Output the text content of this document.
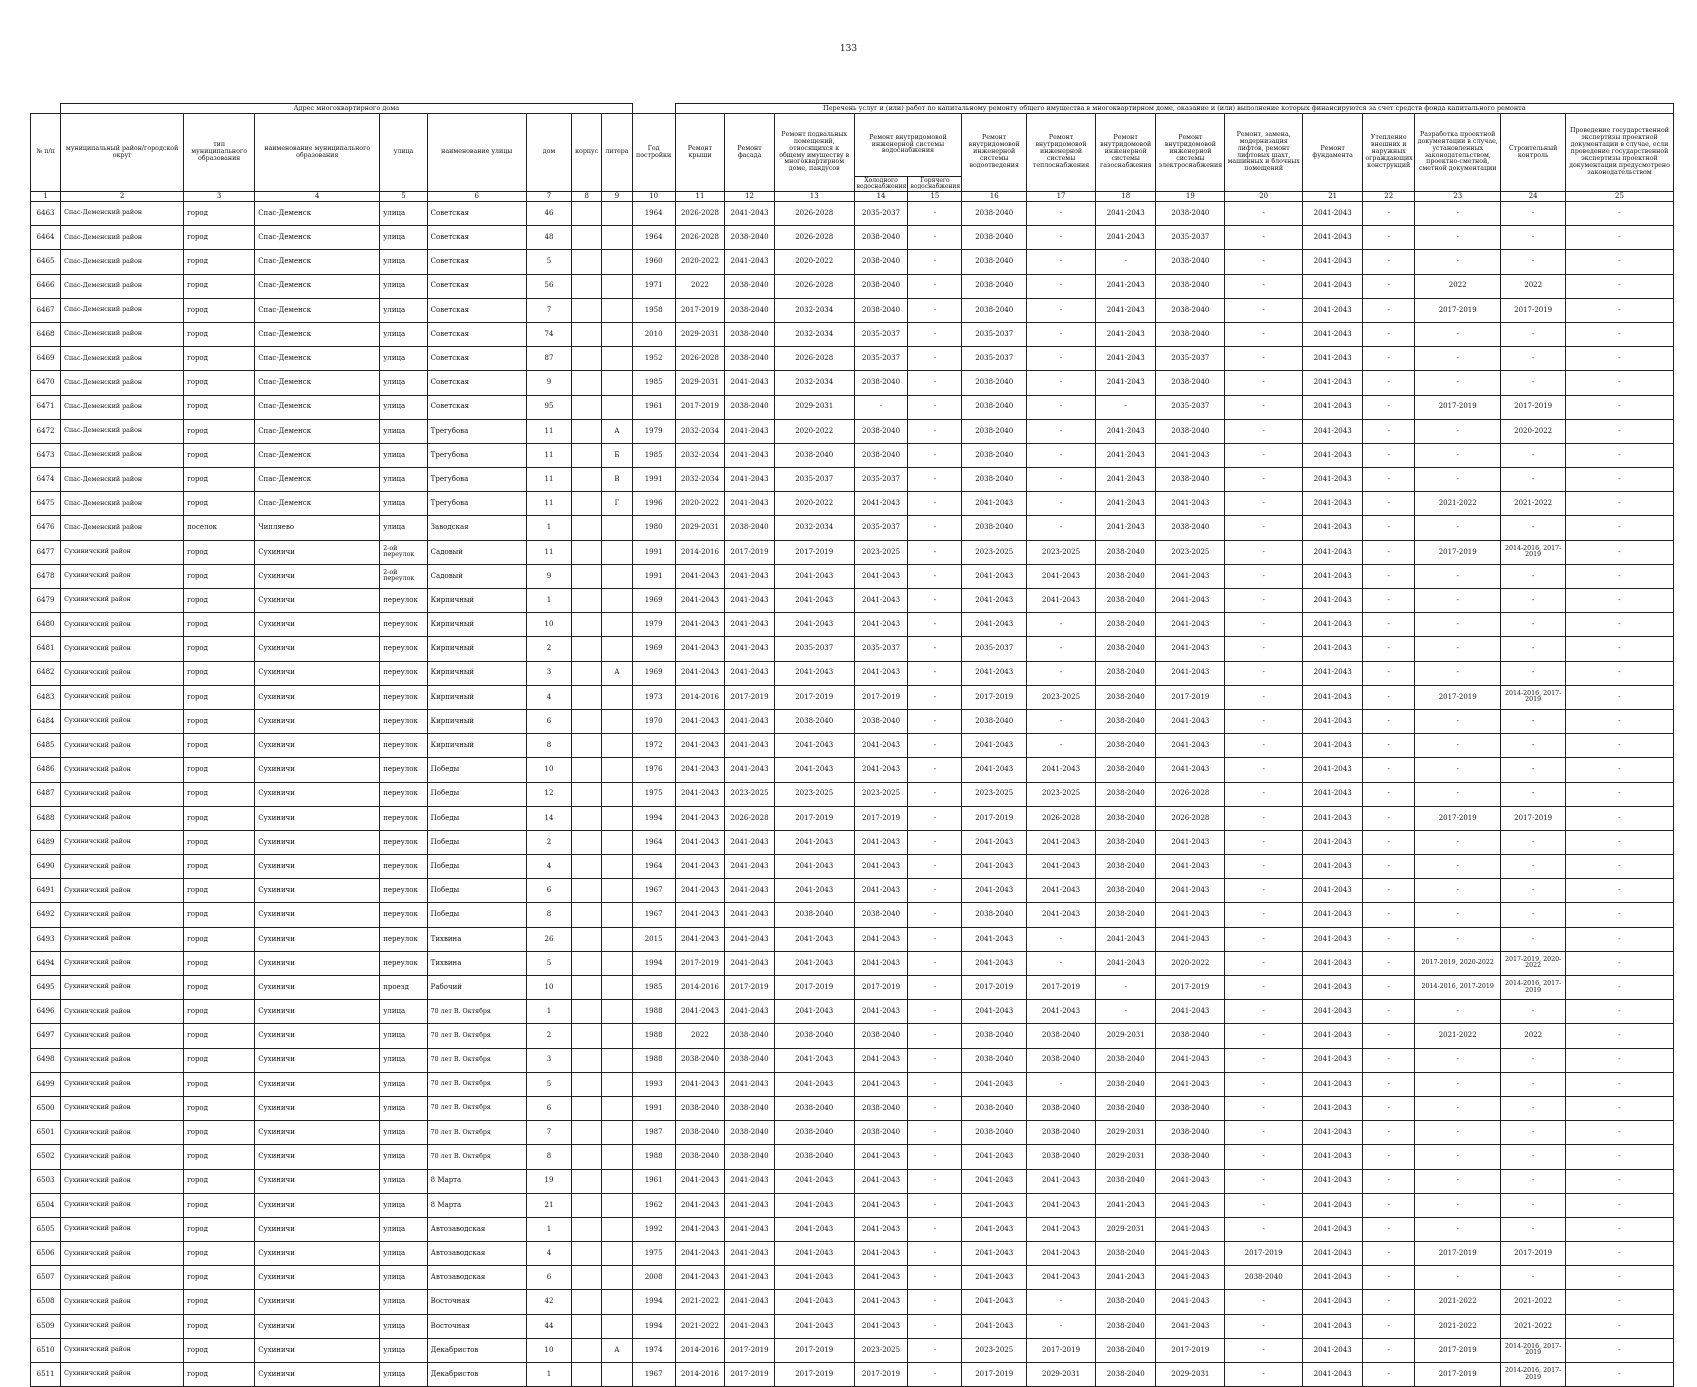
133
	Адрес многоквартирного дома									Перечень услуг и (или) работ по капитальному ремонту общего имущества в многоквартирном доме, оказание и (или) выполнение которых финансируются за счет средств фонда капитального ремонта														
№ п/п	муниципальный район/городской округ	тип муниципального образования	наименование муниципального образования	улица	наименование улицы	дом	корпус	литера	Год постройки	Ремонт крыши	Ремонт фасада	Ремонт подвальных помещений, относящихся к общему имуществу в многоквартирном доме, пандусов	Ремонт внутридомовой инженерной системы водоснабжения		Ремонт внутридомовой инженерной системы водоотведения	Ремонт внутридомовой инженерной системы теплоснабжения	Ремонт внутридомовой инженерной системы газоснабжения	Ремонт внутридомовой инженерной системы электроснабжения	Ремонт, замена, модернизация лифтов, ремонт лифтовых шахт, машинных и блочных помещений	Ремонт фундамента	Утепление внешних и наружных ограждающих конструкций	Разработка проектной документации в случае, установленных законодательством, проектно-сметной, сметной документации	Строительный контроль	Проведение государственной экспертизы проектной документации в случае, если проведение государственной экспертизы проектной документации предусмотрено законодательством
													Холодного водоснабжения	Горячего водоснабжения										
1	2	3	4	5	6	7	8	9	10	11	12	13	14	15	16	17	18	19	20	21	22	23	24	25
6463	Спас-Деменский район	город	Спас-Деменск	улица	Советская	46			1964	2026-2028	2041-2043	2026-2028	2035-2037	-	2038-2040	-	2041-2043	2038-2040	-	2041-2043	-	-	-	-
6464	Спас-Деменский район	город	Спас-Деменск	улица	Советская	48			1964	2026-2028	2038-2040	2026-2028	2038-2040	-	2038-2040	-	2041-2043	2035-2037	-	2041-2043	-	-	-	-
6465	Спас-Деменский район	город	Спас-Деменск	улица	Советская	5			1960	2020-2022	2041-2043	2020-2022	2038-2040	-	2038-2040	-	-	2038-2040	-	2041-2043	-	-	-	-
6466	Спас-Деменский район	город	Спас-Деменск	улица	Советская	56			1971	2022	2038-2040	2026-2028	2038-2040	-	2038-2040	-	2041-2043	2038-2040	-	2041-2043	-	2022	2022	-
6467	Спас-Деменский район	город	Спас-Деменск	улица	Советская	7			1958	2017-2019	2038-2040	2032-2034	2038-2040	-	2038-2040	-	2041-2043	2038-2040	-	2041-2043	-	2017-2019	2017-2019	-
6468	Спас-Деменский район	город	Спас-Деменск	улица	Советская	74			2010	2029-2031	2038-2040	2032-2034	2035-2037	-	2035-2037	-	2041-2043	2038-2040	-	2041-2043	-	-	-	-
6469	Спас-Деменский район	город	Спас-Деменск	улица	Советская	87			1952	2026-2028	2038-2040	2026-2028	2035-2037	-	2035-2037	-	2041-2043	2035-2037	-	2041-2043	-	-	-	-
6470	Спас-Деменский район	город	Спас-Деменск	улица	Советская	9			1985	2029-2031	2041-2043	2032-2034	2038-2040	-	2038-2040	-	2041-2043	2038-2040	-	2041-2043	-	-	-	-
6471	Спас-Деменский район	город	Спас-Деменск	улица	Советская	95			1961	2017-2019	2038-2040	2029-2031	-	-	2038-2040	-	-	2035-2037	-	2041-2043	-	2017-2019	2017-2019	-
6472	Спас-Деменский район	город	Спас-Деменск	улица	Трегубова	11		А	1979	2032-2034	2041-2043	2020-2022	2038-2040	-	2038-2040	-	2041-2043	2038-2040	-	2041-2043	-	-	2020-2022	-
6473	Спас-Деменский район	город	Спас-Деменск	улица	Трегубова	11		Б	1985	2032-2034	2041-2043	2038-2040	2038-2040	-	2038-2040	-	2041-2043	2041-2043	-	2041-2043	-	-	-	-
6474	Спас-Деменский район	город	Спас-Деменск	улица	Трегубова	11		В	1991	2032-2034	2041-2043	2035-2037	2035-2037	-	2038-2040	-	2041-2043	2038-2040	-	2041-2043	-	-	-	-
6475	Спас-Деменский район	город	Спас-Деменск	улица	Трегубова	11		Г	1996	2020-2022	2041-2043	2020-2022	2041-2043	-	2041-2043	-	2041-2043	2041-2043	-	2041-2043	-	2021-2022	2021-2022	-
6476	Спас-Деменский район	поселок	Чипляево	улица	Заводская	1			1980	2029-2031	2038-2040	2032-2034	2035-2037	-	2038-2040	-	2041-2043	2038-2040	-	2041-2043	-	-	-	-
6477	Сухиничский район	город	Сухиничи	2-ой переулок	Садовый	11			1991	2014-2016	2017-2019	2017-2019	2023-2025	-	2023-2025	2023-2025	2038-2040	2023-2025	-	2041-2043	-	2017-2019	2014-2016, 2017-2019	-
6478	Сухиничский район	город	Сухиничи	2-ой переулок	Садовый	9			1991	2041-2043	2041-2043	2041-2043	2041-2043	-	2041-2043	2041-2043	2038-2040	2041-2043	-	2041-2043	-	-	-	-
6479	Сухиничский район	город	Сухиничи	переулок	Кирпичный	1			1969	2041-2043	2041-2043	2041-2043	2041-2043	-	2041-2043	2041-2043	2038-2040	2041-2043	-	2041-2043	-	-	-	-
6480	Сухиничский район	город	Сухиничи	переулок	Кирпичный	10			1979	2041-2043	2041-2043	2041-2043	2041-2043	-	2041-2043	-	2038-2040	2041-2043	-	2041-2043	-	-	-	-
6481	Сухиничский район	город	Сухиничи	переулок	Кирпичный	2			1969	2041-2043	2041-2043	2035-2037	2035-2037	-	2035-2037	-	2038-2040	2041-2043	-	2041-2043	-	-	-	-
6482	Сухиничский район	город	Сухиничи	переулок	Кирпичный	3		А	1969	2041-2043	2041-2043	2041-2043	2041-2043	-	2041-2043	-	2038-2040	2041-2043	-	2041-2043	-	-	-	-
6483	Сухиничский район	город	Сухиничи	переулок	Кирпичный	4			1973	2014-2016	2017-2019	2017-2019	2017-2019	-	2017-2019	2023-2025	2038-2040	2017-2019	-	2041-2043	-	2017-2019	2014-2016, 2017-2019	-
6484	Сухиничский район	город	Сухиничи	переулок	Кирпичный	6			1970	2041-2043	2041-2043	2038-2040	2038-2040	-	2038-2040	-	2038-2040	2041-2043	-	2041-2043	-	-	-	-
6485	Сухиничский район	город	Сухиничи	переулок	Кирпичный	8			1972	2041-2043	2041-2043	2041-2043	2041-2043	-	2041-2043	-	2038-2040	2041-2043	-	2041-2043	-	-	-	-
6486	Сухиничский район	город	Сухиничи	переулок	Победы	10			1976	2041-2043	2041-2043	2041-2043	2041-2043	-	2041-2043	2041-2043	2038-2040	2041-2043	-	2041-2043	-	-	-	-
6487	Сухиничский район	город	Сухиничи	переулок	Победы	12			1975	2041-2043	2023-2025	2023-2025	2023-2025	-	2023-2025	2023-2025	2038-2040	2026-2028	-	2041-2043	-	-	-	-
6488	Сухиничский район	город	Сухиничи	переулок	Победы	14			1994	2041-2043	2026-2028	2017-2019	2017-2019	-	2017-2019	2026-2028	2038-2040	2026-2028	-	2041-2043	-	2017-2019	2017-2019	-
6489	Сухиничский район	город	Сухиничи	переулок	Победы	2			1964	2041-2043	2041-2043	2041-2043	2041-2043	-	2041-2043	2041-2043	2038-2040	2041-2043	-	2041-2043	-	-	-	-
6490	Сухиничский район	город	Сухиничи	переулок	Победы	4			1964	2041-2043	2041-2043	2041-2043	2041-2043	-	2041-2043	2041-2043	2038-2040	2041-2043	-	2041-2043	-	-	-	-
6491	Сухиничский район	город	Сухиничи	переулок	Победы	6			1967	2041-2043	2041-2043	2041-2043	2041-2043	-	2041-2043	2041-2043	2038-2040	2041-2043	-	2041-2043	-	-	-	-
6492	Сухиничский район	город	Сухиничи	переулок	Победы	8			1967	2041-2043	2041-2043	2038-2040	2038-2040	-	2038-2040	2041-2043	2038-2040	2041-2043	-	2041-2043	-	-	-	-
6493	Сухиничский район	город	Сухиничи	переулок	Тихвина	26			2015	2041-2043	2041-2043	2041-2043	2041-2043	-	2041-2043	-	2041-2043	2041-2043	-	2041-2043	-	-	-	-
6494	Сухиничский район	город	Сухиничи	переулок	Тихвина	5			1994	2017-2019	2041-2043	2041-2043	2041-2043	-	2041-2043	-	2041-2043	2020-2022	-	2041-2043	-	2017-2019, 2020-2022	2017-2019, 2020-2022	-
6495	Сухиничский район	город	Сухиничи	проезд	Рабочий	10			1985	2014-2016	2017-2019	2017-2019	2017-2019	-	2017-2019	2017-2019	-	2017-2019	-	2041-2043	-	2014-2016, 2017-2019	2014-2016, 2017-2019	-
6496	Сухиничский район	город	Сухиничи	улица	70 лет В. Октября	1			1988	2041-2043	2041-2043	2041-2043	2041-2043	-	2041-2043	2041-2043	-	2041-2043	-	2041-2043	-	-	-	-
6497	Сухиничский район	город	Сухиничи	улица	70 лет В. Октября	2			1988	2022	2038-2040	2038-2040	2038-2040	-	2038-2040	2038-2040	2029-2031	2038-2040	-	2041-2043	-	2021-2022	2022	-
6498	Сухиничский район	город	Сухиничи	улица	70 лет В. Октября	3			1988	2038-2040	2038-2040	2041-2043	2041-2043	-	2038-2040	2038-2040	2038-2040	2041-2043	-	2041-2043	-	-	-	-
6499	Сухиничский район	город	Сухиничи	улица	70 лет В. Октября	5			1993	2041-2043	2041-2043	2041-2043	2041-2043	-	2041-2043	-	2038-2040	2041-2043	-	2041-2043	-	-	-	-
6500	Сухиничский район	город	Сухиничи	улица	70 лет В. Октября	6			1991	2038-2040	2038-2040	2038-2040	2038-2040	-	2038-2040	2038-2040	2038-2040	2038-2040	-	2041-2043	-	-	-	-
6501	Сухиничский район	город	Сухиничи	улица	70 лет В. Октября	7			1987	2038-2040	2038-2040	2038-2040	2038-2040	-	2038-2040	2038-2040	2029-2031	2038-2040	-	2041-2043	-	-	-	-
6502	Сухиничский район	город	Сухиничи	улица	70 лет В. Октября	8			1988	2038-2040	2038-2040	2038-2040	2041-2043	-	2041-2043	2038-2040	2029-2031	2038-2040	-	2041-2043	-	-	-	-
6503	Сухиничский район	город	Сухиничи	улица	8 Марта	19			1961	2041-2043	2041-2043	2041-2043	2041-2043	-	2041-2043	2041-2043	2038-2040	2041-2043	-	2041-2043	-	-	-	-
6504	Сухиничский район	город	Сухиничи	улица	8 Марта	21			1962	2041-2043	2041-2043	2041-2043	2041-2043	-	2041-2043	2041-2043	2041-2043	2041-2043	-	2041-2043	-	-	-	-
6505	Сухиничский район	город	Сухиничи	улица	Автозаводская	1			1992	2041-2043	2041-2043	2041-2043	2041-2043	-	2041-2043	2041-2043	2029-2031	2041-2043	-	2041-2043	-	-	-	-
6506	Сухиничский район	город	Сухиничи	улица	Автозаводская	4			1975	2041-2043	2041-2043	2041-2043	2041-2043	-	2041-2043	2041-2043	2038-2040	2041-2043	2017-2019	2041-2043	-	2017-2019	2017-2019	-
6507	Сухиничский район	город	Сухиничи	улица	Автозаводская	6			2008	2041-2043	2041-2043	2041-2043	2041-2043	-	2041-2043	2041-2043	2041-2043	2041-2043	2038-2040	2041-2043	-	-	-	-
6508	Сухиничский район	город	Сухиничи	улица	Восточная	42			1994	2021-2022	2041-2043	2041-2043	2041-2043	-	2041-2043	-	2038-2040	2041-2043	-	2041-2043	-	2021-2022	2021-2022	-
6509	Сухиничский район	город	Сухиничи	улица	Восточная	44			1994	2021-2022	2041-2043	2041-2043	2041-2043	-	2041-2043	-	2038-2040	2041-2043	-	2041-2043	-	2021-2022	2021-2022	-
6510	Сухиничский район	город	Сухиничи	улица	Декабристов	10		А	1974	2014-2016	2017-2019	2017-2019	2023-2025	-	2023-2025	2017-2019	2038-2040	2017-2019	-	2041-2043	-	2017-2019	2014-2016, 2017-2019	-
6511	Сухиничский район	город	Сухиничи	улица	Декабристов	1			1967	2014-2016	2017-2019	2017-2019	2017-2019	-	2017-2019	2029-2031	2038-2040	2029-2031	-	2041-2043	-	2017-2019	2014-2016, 2017-2019	-
